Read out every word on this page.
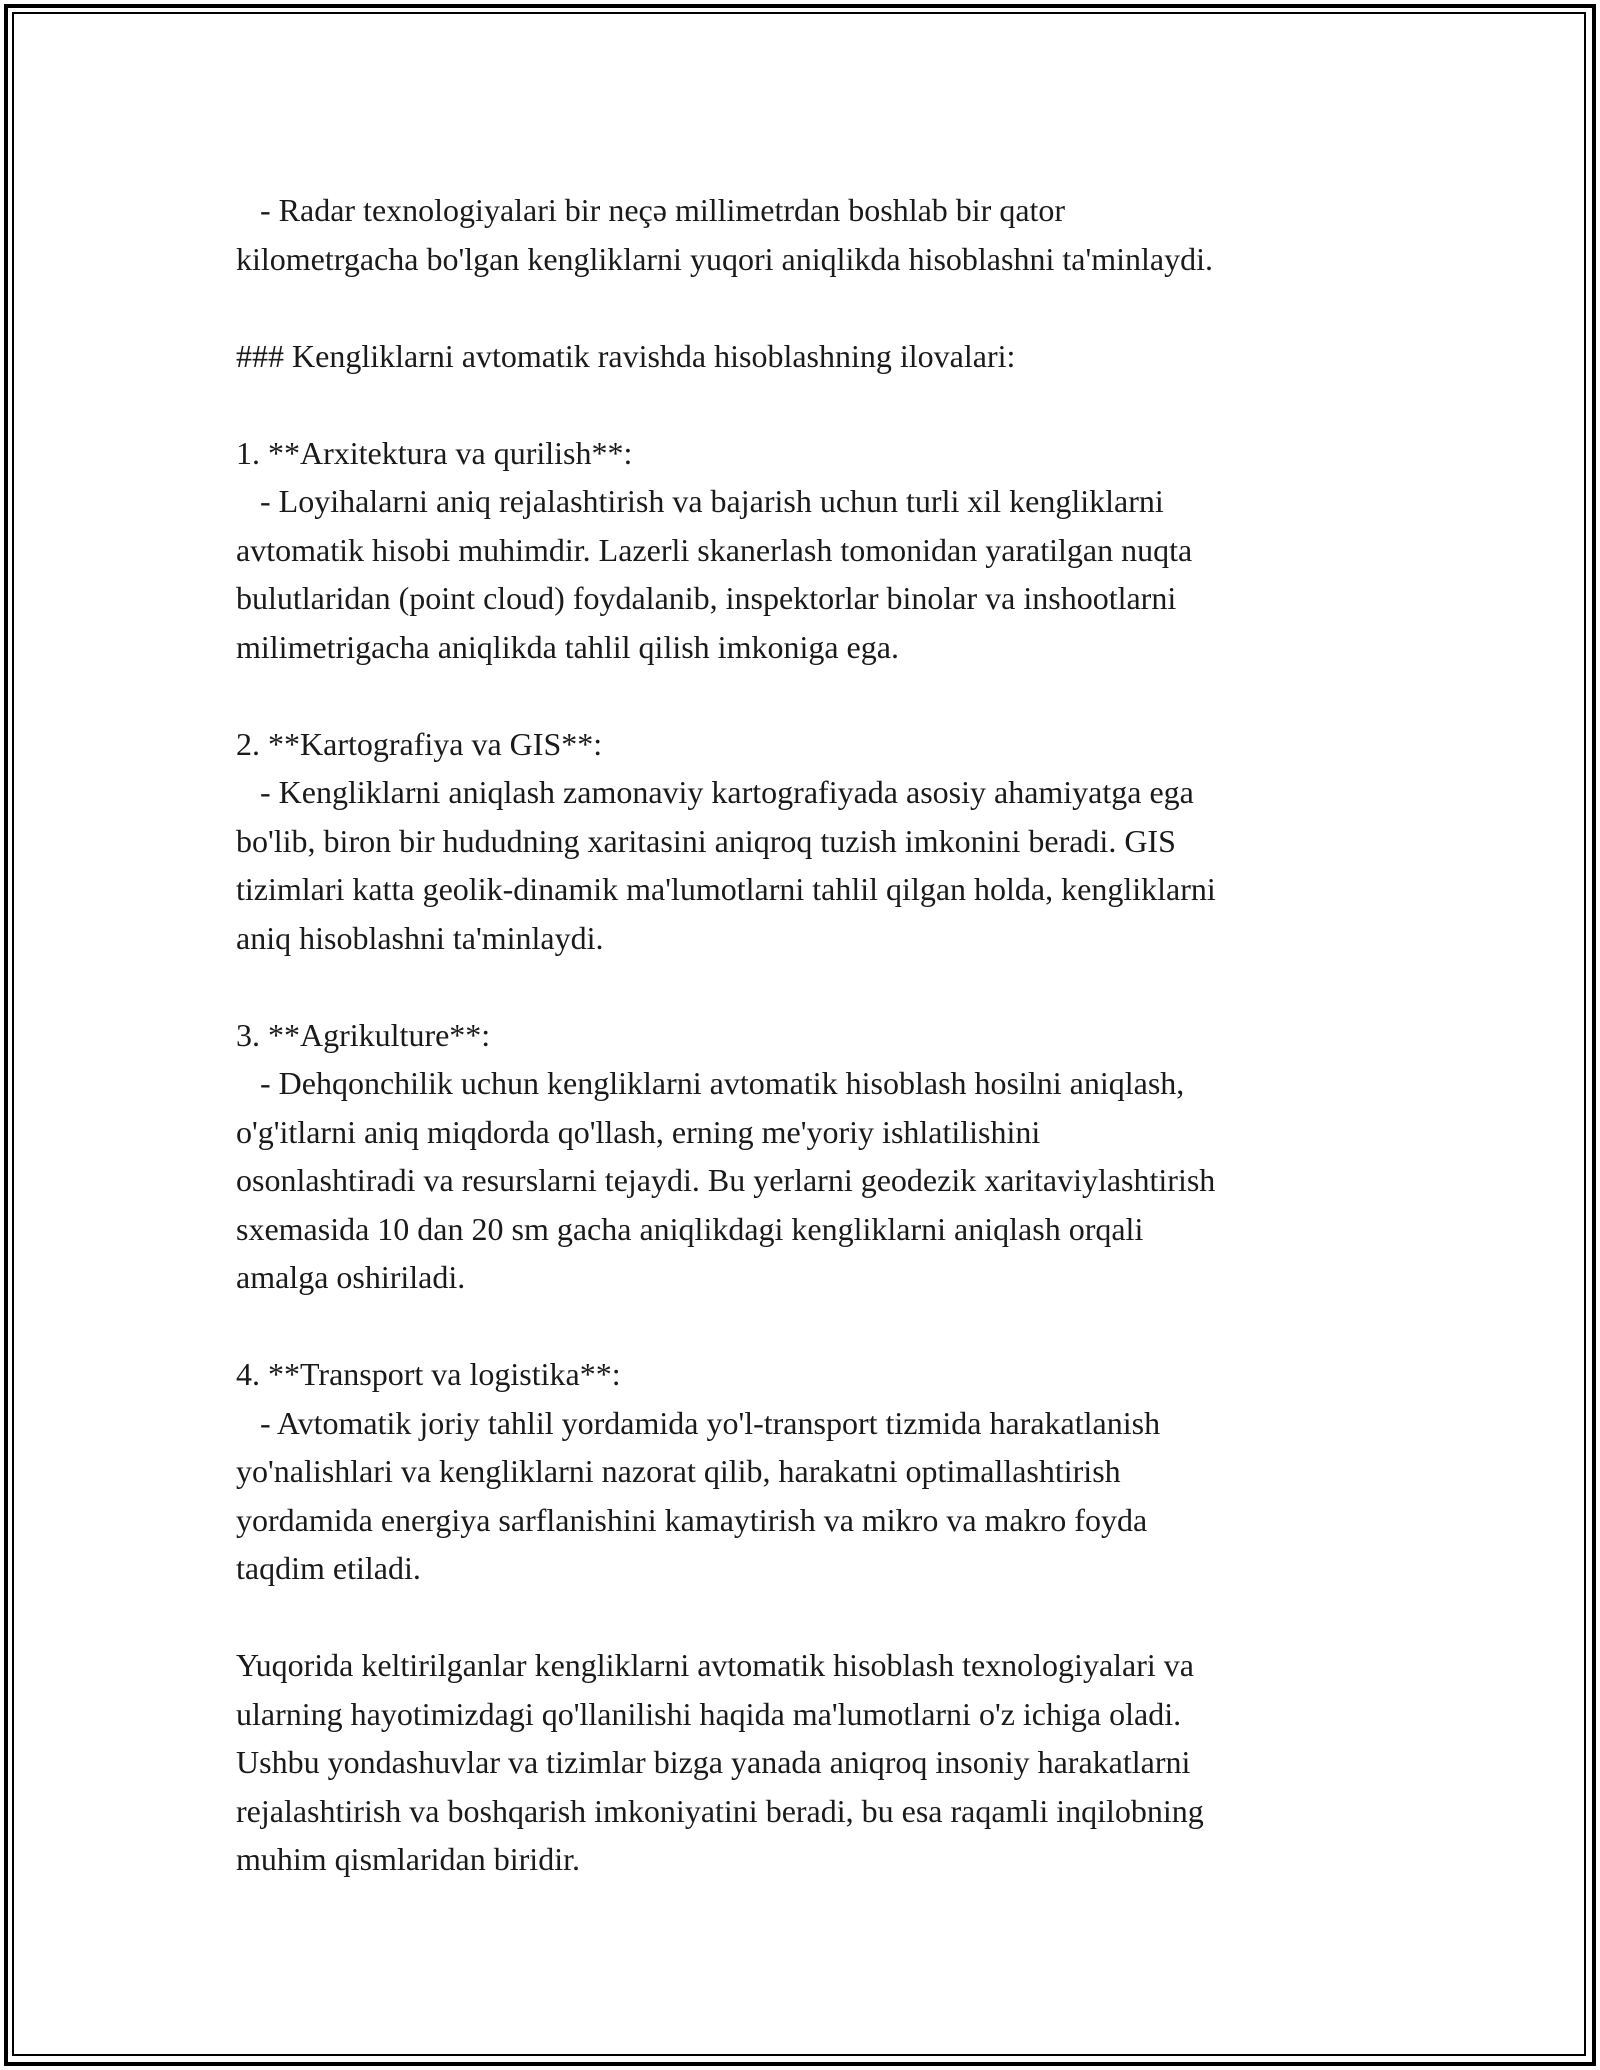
- Radar texnologiyalari bir neçə millimetrdan boshlab bir qator
kilometrgacha bo'lgan kengliklarni yuqori aniqlikda hisoblashni ta'minlaydi.
### Kengliklarni avtomatik ravishda hisoblashning ilovalari:
1. **Arxitektura va qurilish**:
- Loyihalarni aniq rejalashtirish va bajarish uchun turli xil kengliklarni
avtomatik hisobi muhimdir. Lazerli skanerlash tomonidan yaratilgan nuqta
bulutlaridan (point cloud) foydalanib, inspektorlar binolar va inshootlarni
milimetrigacha aniqlikda tahlil qilish imkoniga ega.
2. **Kartografiya va GIS**:
- Kengliklarni aniqlash zamonaviy kartografiyada asosiy ahamiyatga ega
bo'lib, biron bir hududning xaritasini aniqroq tuzish imkonini beradi. GIS
tizimlari katta geolik-dinamik ma'lumotlarni tahlil qilgan holda, kengliklarni
aniq hisoblashni ta'minlaydi.
3. **Agrikulture**:
- Dehqonchilik uchun kengliklarni avtomatik hisoblash hosilni aniqlash,
o'g'itlarni aniq miqdorda qo'llash, erning me'yoriy ishlatilishini
osonlashtiradi va resurslarni tejaydi. Bu yerlarni geodezik xaritaviylashtirish
sxemasida 10 dan 20 sm gacha aniqlikdagi kengliklarni aniqlash orqali
amalga oshiriladi.
4. **Transport va logistika**:
- Avtomatik joriy tahlil yordamida yo'l-transport tizmida harakatlanish
yo'nalishlari va kengliklarni nazorat qilib, harakatni optimallashtirish
yordamida energiya sarflanishini kamaytirish va mikro va makro foyda
taqdim etiladi.
Yuqorida keltirilganlar kengliklarni avtomatik hisoblash texnologiyalari va
ularning hayotimizdagi qo'llanilishi haqida ma'lumotlarni o'z ichiga oladi.
Ushbu yondashuvlar va tizimlar bizga yanada aniqroq insoniy harakatlarni
rejalashtirish va boshqarish imkoniyatini beradi, bu esa raqamli inqilobning
muhim qismlaridan biridir.
